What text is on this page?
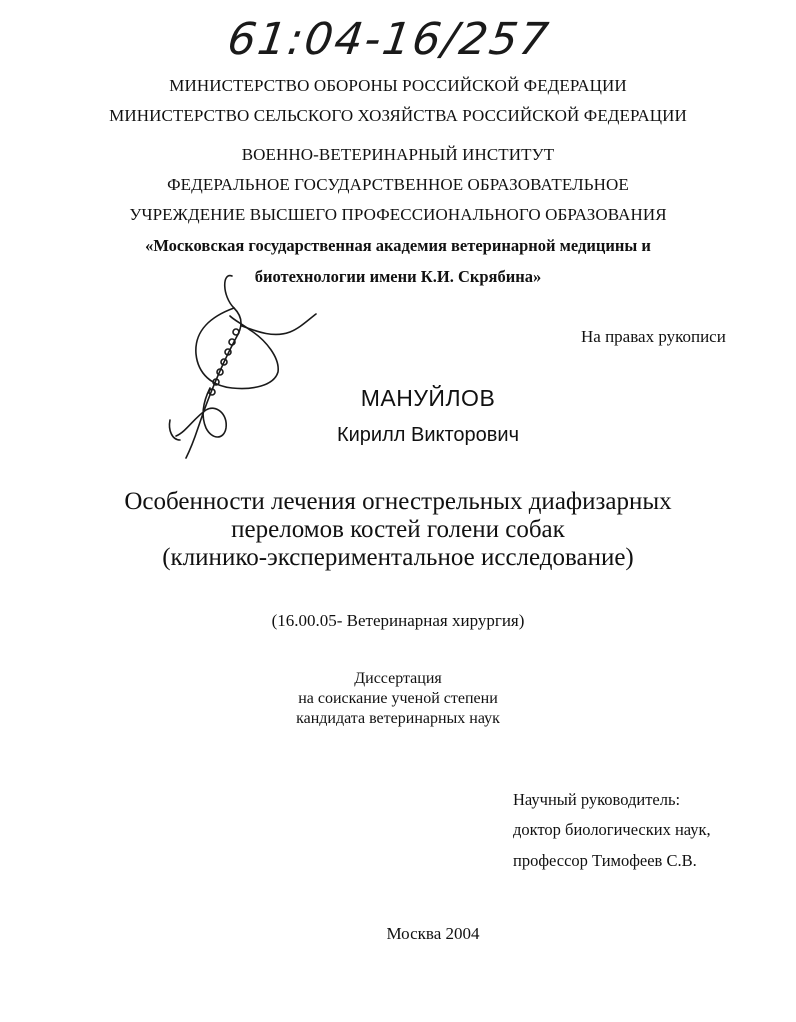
61:04-16/257
МИНИСТЕРСТВО ОБОРОНЫ РОССИЙСКОЙ ФЕДЕРАЦИИ
МИНИСТЕРСТВО СЕЛЬСКОГО ХОЗЯЙСТВА РОССИЙСКОЙ ФЕДЕРАЦИИ
ВОЕННО-ВЕТЕРИНАРНЫЙ ИНСТИТУТ
ФЕДЕРАЛЬНОЕ ГОСУДАРСТВЕННОЕ ОБРАЗОВАТЕЛЬНОЕ
УЧРЕЖДЕНИЕ ВЫСШЕГО ПРОФЕССИОНАЛЬНОГО ОБРАЗОВАНИЯ
«Московская государственная академия ветеринарной медицины и
биотехнологии имени К.И. Скрябина»
На правах рукописи
МАНУЙЛОВ
Кирилл Викторович
Особенности лечения огнестрельных диафизарных
переломов костей голени собак
(клинико-экспериментальное исследование)
(16.00.05- Ветеринарная хирургия)
Диссертация
на соискание ученой степени
кандидата ветеринарных наук
Научный руководитель:
доктор биологических наук,
профессор Тимофеев С.В.
Москва 2004
